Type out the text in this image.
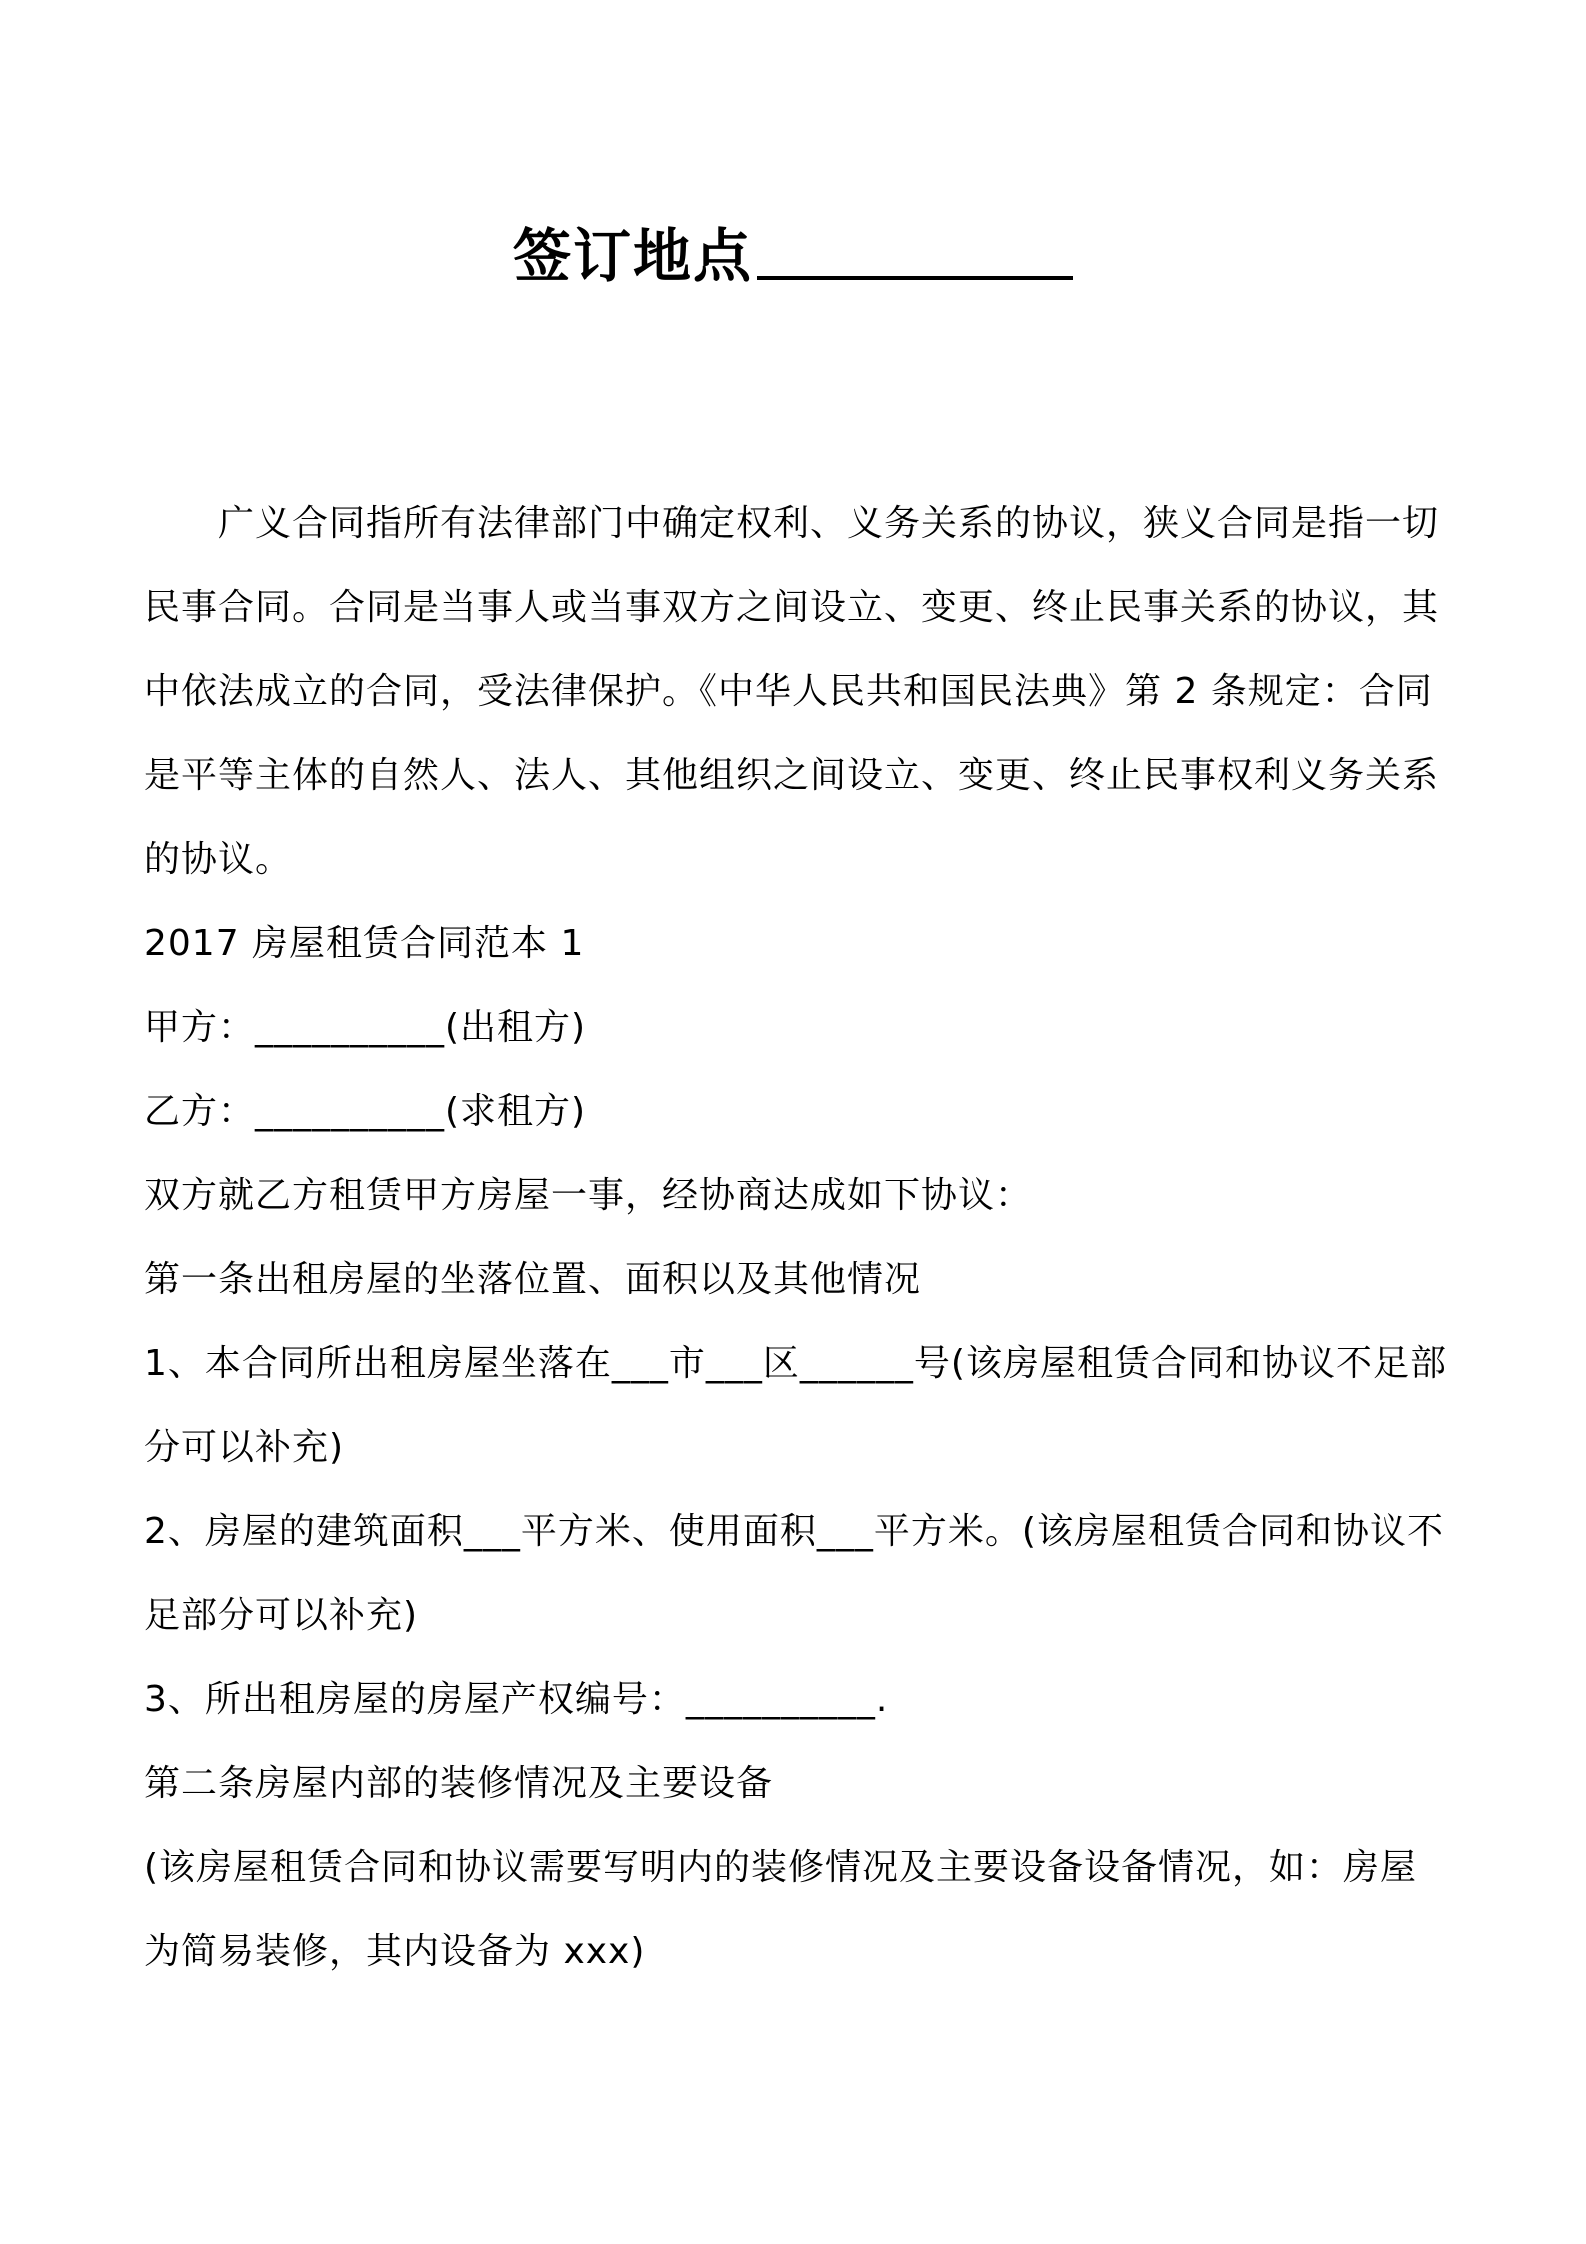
签订地点

广义合同指所有法律部门中确定权利、义务关系的协议，狭义合同是指一切民事合同。合同是当事人或当事双方之间设立、变更、终止民事关系的协议，其中依法成立的合同，受法律保护。《中华人民共和国民法典》第 2 条规定：合同是平等主体的自然人、法人、其他组织之间设立、变更、终止民事权利义务关系的协议。

2017 房屋租赁合同范本 1

甲方：__________(出租方)

乙方：__________(求租方)

双方就乙方租赁甲方房屋一事，经协商达成如下协议：

第一条出租房屋的坐落位置、面积以及其他情况

1、本合同所出租房屋坐落在___市___区______号(该房屋租赁合同和协议不足部分可以补充)

2、房屋的建筑面积___平方米、使用面积___平方米。(该房屋租赁合同和协议不足部分可以补充)

3、所出租房屋的房屋产权编号：__________.

第二条房屋内部的装修情况及主要设备

(该房屋租赁合同和协议需要写明内的装修情况及主要设备设备情况，如：房屋为简易装修，其内设备为 xxx)
